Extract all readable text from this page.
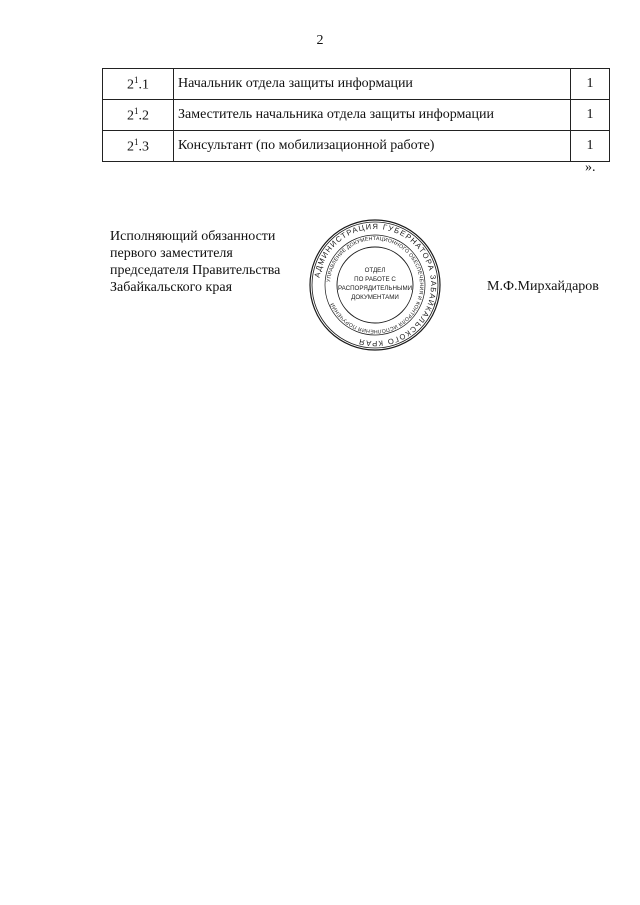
2
$2^1.1$	Начальник отдела защиты информации	1
$2^1.2$	Заместитель начальника отдела защиты информации	1
$2^1.3$	Консультант (по мобилизационной работе)	1
».
Исполняющий обязанности
первого заместителя
председателя Правительства
Забайкальского края
АДМИНИСТРАЦИЯ ГУБЕРНАТОРА ЗАБАЙКАЛЬСКОГО КРАЯ
УПРАВЛЕНИЕ ДОКУМЕНТАЦИОННОГО ОБЕСПЕЧЕНИЯ И КОНТРОЛЯ ИСПОЛНЕНИЯ ПОРУЧЕНИЙ
ОТДЕЛ
ПО РАБОТЕ С
РАСПОРЯДИТЕЛЬНЫМИ
ДОКУМЕНТАМИ
М.Ф.Мирхайдаров
